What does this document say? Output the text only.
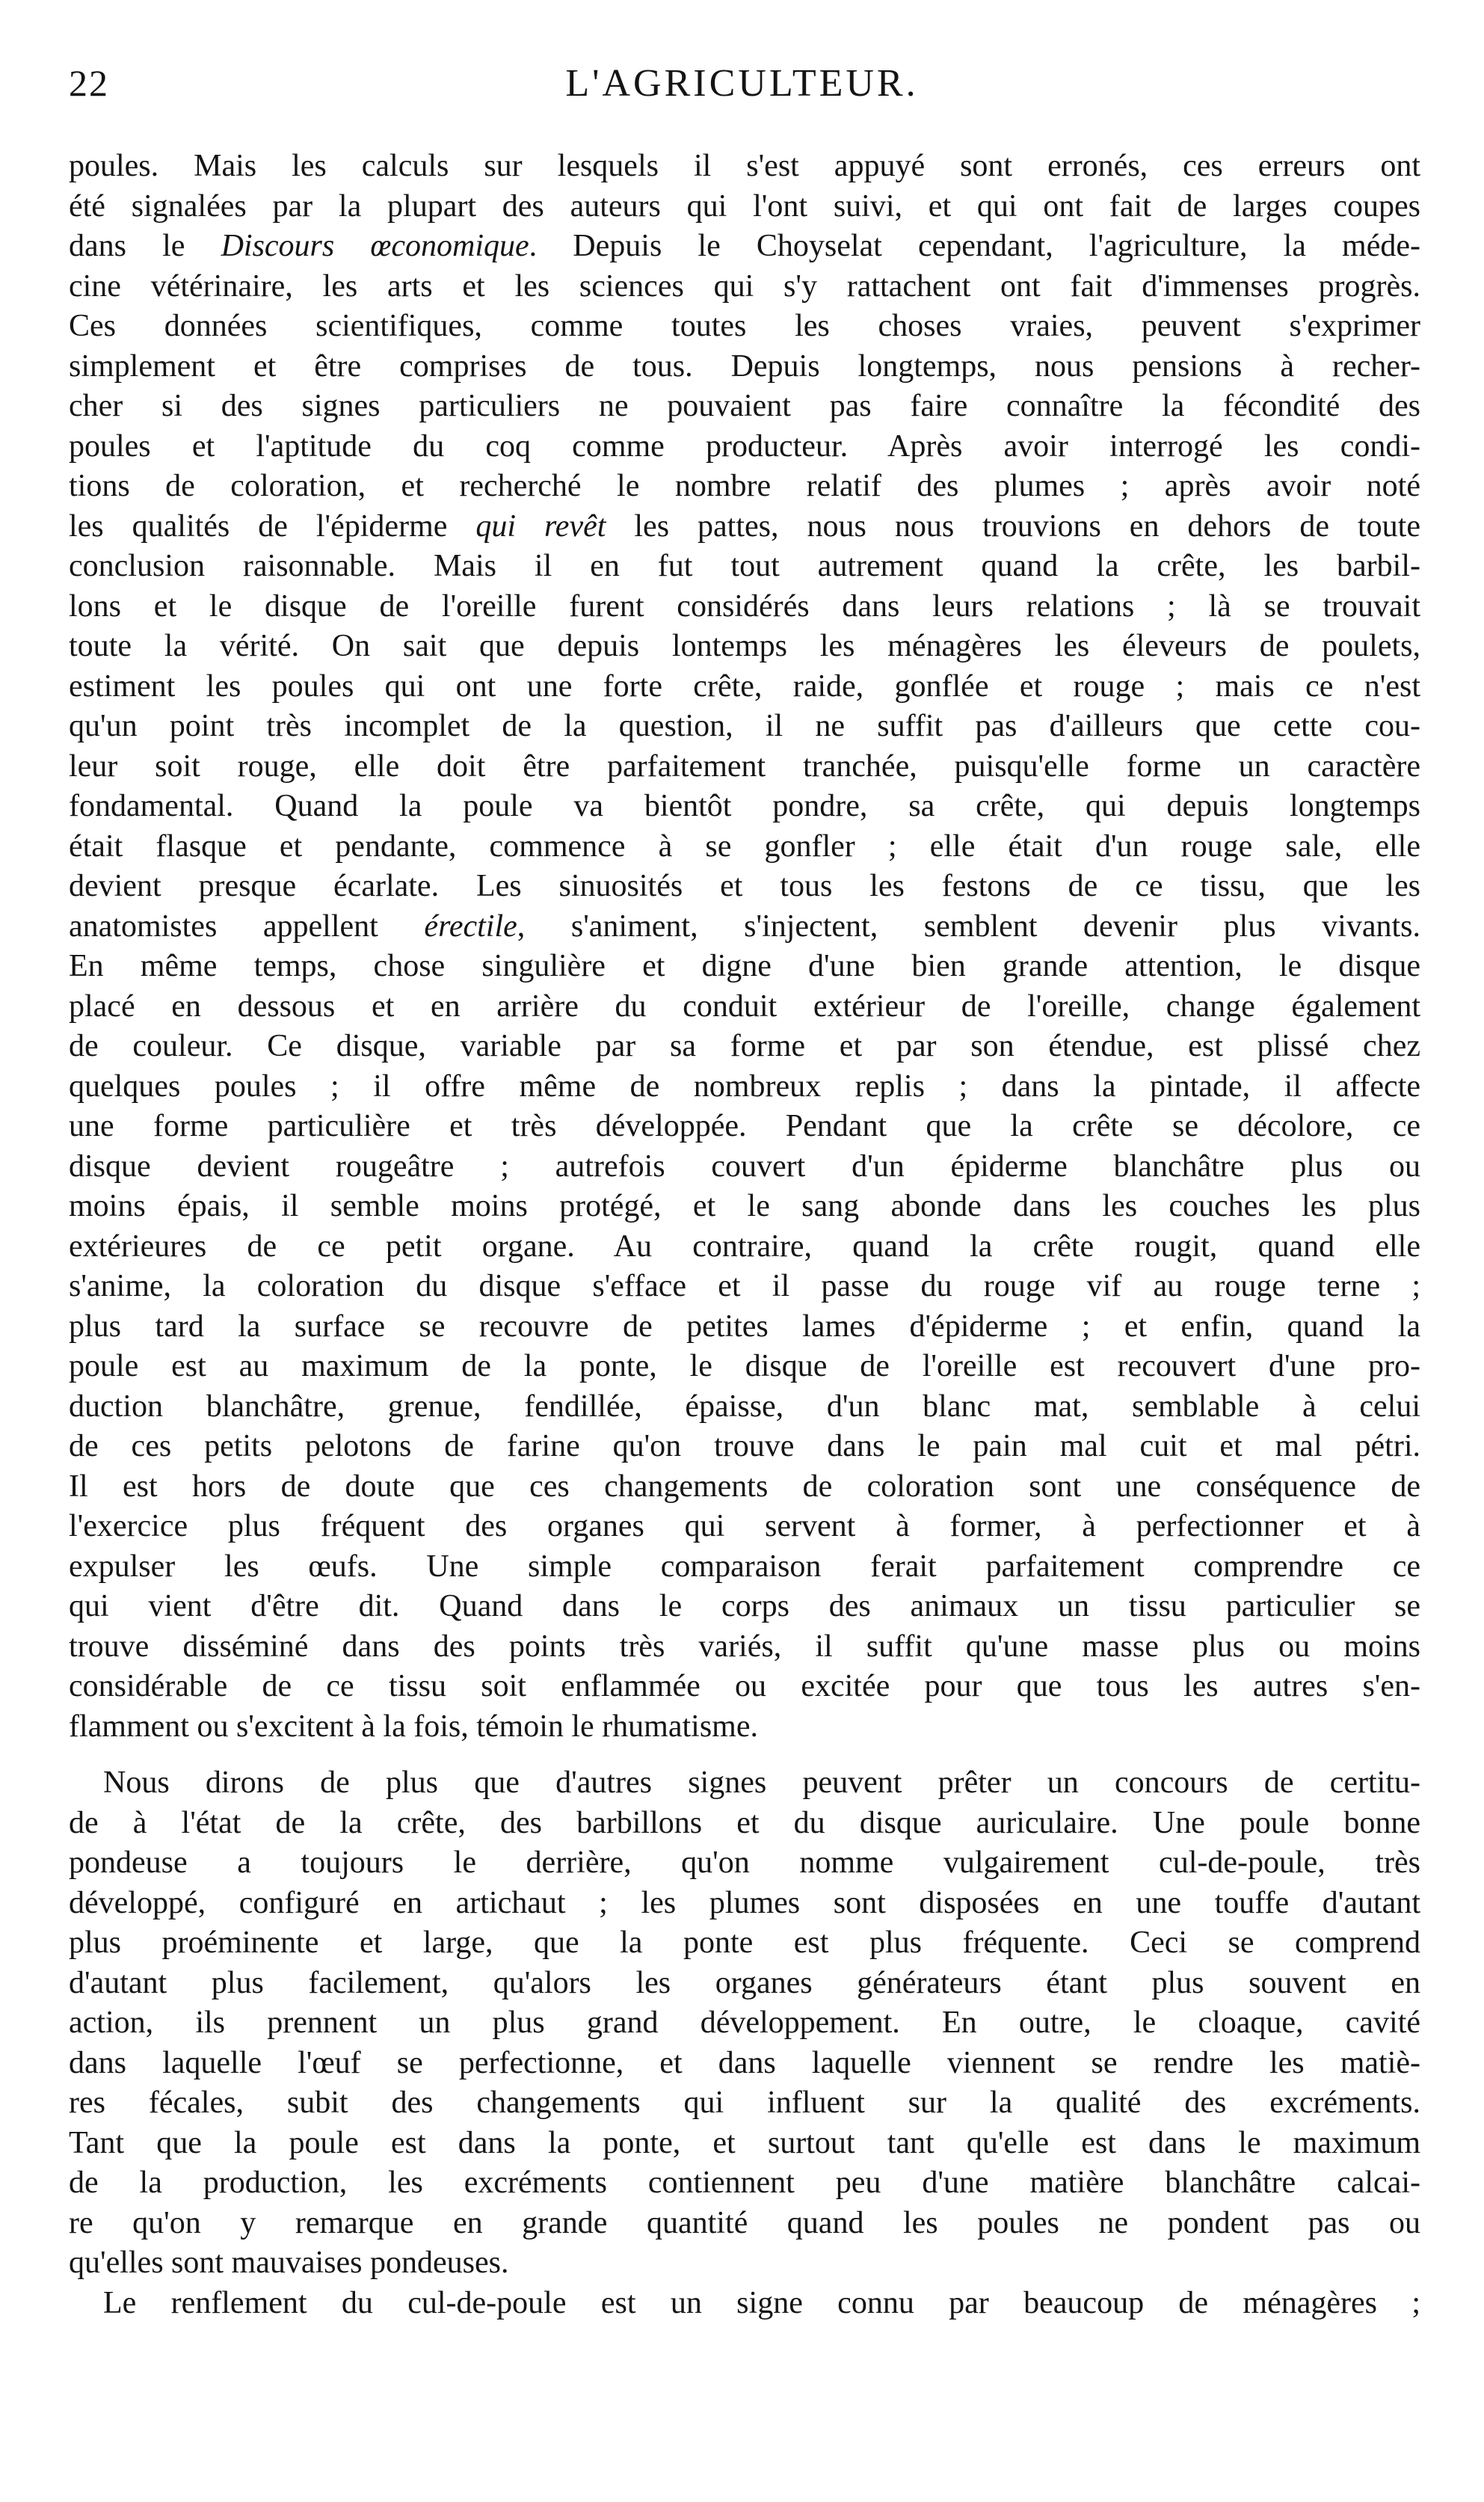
22	L'AGRICULTEUR.
poules. Mais les calculs sur lesquels il s'est appuyé sont erronés, ces erreurs ont
été signalées par la plupart des auteurs qui l'ont suivi, et qui ont fait de larges coupes
dans le Discours œconomique. Depuis le Choyselat cependant, l'agriculture, la méde-
cine vétérinaire, les arts et les sciences qui s'y rattachent ont fait d'immenses progrès.
Ces données scientifiques, comme toutes les choses vraies, peuvent s'exprimer
simplement et être comprises de tous. Depuis longtemps, nous pensions à recher-
cher si des signes particuliers ne pouvaient pas faire connaître la fécondité des
poules et l'aptitude du coq comme producteur. Après avoir interrogé les condi-
tions de coloration, et recherché le nombre relatif des plumes ; après avoir noté
les qualités de l'épiderme qui revêt les pattes, nous nous trouvions en dehors de toute
conclusion raisonnable. Mais il en fut tout autrement quand la crête, les barbil-
lons et le disque de l'oreille furent considérés dans leurs relations ; là se trouvait
toute la vérité. On sait que depuis lontemps les ménagères les éleveurs de poulets,
estiment les poules qui ont une forte crête, raide, gonflée et rouge ; mais ce n'est
qu'un point très incomplet de la question, il ne suffit pas d'ailleurs que cette cou-
leur soit rouge, elle doit être parfaitement tranchée, puisqu'elle forme un caractère
fondamental. Quand la poule va bientôt pondre, sa crête, qui depuis longtemps
était flasque et pendante, commence à se gonfler ; elle était d'un rouge sale, elle
devient presque écarlate. Les sinuosités et tous les festons de ce tissu, que les
anatomistes appellent érectile, s'animent, s'injectent, semblent devenir plus vivants.
En même temps, chose singulière et digne d'une bien grande attention, le disque
placé en dessous et en arrière du conduit extérieur de l'oreille, change également
de couleur. Ce disque, variable par sa forme et par son étendue, est plissé chez
quelques poules ; il offre même de nombreux replis ; dans la pintade, il affecte
une forme particulière et très développée. Pendant que la crête se décolore, ce
disque devient rougeâtre ; autrefois couvert d'un épiderme blanchâtre plus ou
moins épais, il semble moins protégé, et le sang abonde dans les couches les plus
extérieures de ce petit organe. Au contraire, quand la crête rougit, quand elle
s'anime, la coloration du disque s'efface et il passe du rouge vif au rouge terne ;
plus tard la surface se recouvre de petites lames d'épiderme ; et enfin, quand la
poule est au maximum de la ponte, le disque de l'oreille est recouvert d'une pro-
duction blanchâtre, grenue, fendillée, épaisse, d'un blanc mat, semblable à celui
de ces petits pelotons de farine qu'on trouve dans le pain mal cuit et mal pétri.
Il est hors de doute que ces changements de coloration sont une conséquence de
l'exercice plus fréquent des organes qui servent à former, à perfectionner et à
expulser les œufs. Une simple comparaison ferait parfaitement comprendre ce
qui vient d'être dit. Quand dans le corps des animaux un tissu particulier se
trouve disséminé dans des points très variés, il suffit qu'une masse plus ou moins
considérable de ce tissu soit enflammée ou excitée pour que tous les autres s'en-
flamment ou s'excitent à la fois, témoin le rhumatisme.
Nous dirons de plus que d'autres signes peuvent prêter un concours de certitu-
de à l'état de la crête, des barbillons et du disque auriculaire. Une poule bonne
pondeuse a toujours le derrière, qu'on nomme vulgairement cul-de-poule, très
développé, configuré en artichaut ; les plumes sont disposées en une touffe d'autant
plus proéminente et large, que la ponte est plus fréquente. Ceci se comprend
d'autant plus facilement, qu'alors les organes générateurs étant plus souvent en
action, ils prennent un plus grand développement. En outre, le cloaque, cavité
dans laquelle l'œuf se perfectionne, et dans laquelle viennent se rendre les matiè-
res fécales, subit des changements qui influent sur la qualité des excréments.
Tant que la poule est dans la ponte, et surtout tant qu'elle est dans le maximum
de la production, les excréments contiennent peu d'une matière blanchâtre calcai-
re qu'on y remarque en grande quantité quand les poules ne pondent pas ou
qu'elles sont mauvaises pondeuses.
Le renflement du cul-de-poule est un signe connu par beaucoup de ménagères ;
